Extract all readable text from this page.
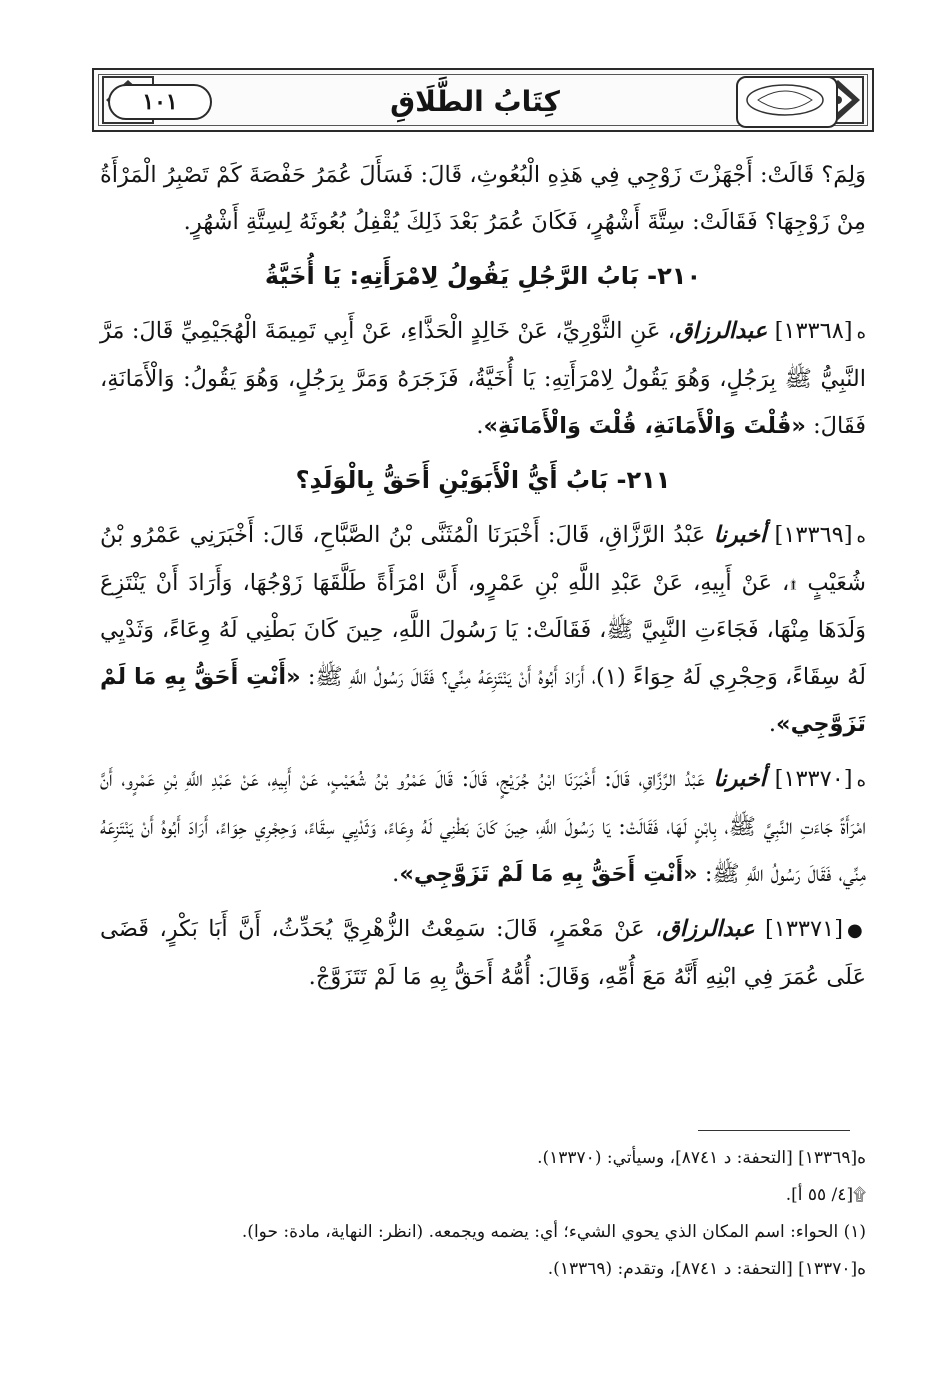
١٠١	كِتَابُ الطَّلَاقِ

وَلِمَ؟ قَالَتْ: أَجْهَزْتَ زَوْجِي فِي هَذِهِ الْبُعُوثِ، قَالَ: فَسَأَلَ عُمَرُ حَفْصَةَ كَمْ تَصْبِرُ الْمَرْأَةُ مِنْ زَوْجِهَا؟ فَقَالَتْ: سِتَّةَ أَشْهُرٍ، فَكَانَ عُمَرُ بَعْدَ ذَلِكَ يُقْفِلُ بُعُوثَهُ لِسِتَّةِ أَشْهُرٍ.

٢١٠- بَابُ الرَّجُلِ يَقُولُ لِامْرَأَتِهِ: يَا أُخَيَّةُ

ە[١٣٣٦٨] عبدالرزاق، عَنِ الثَّوْرِيِّ، عَنْ خَالِدٍ الْحَذَّاءِ، عَنْ أَبِي تَمِيمَةَ الْهُجَيْمِيِّ قَالَ: مَرَّ النَّبِيُّ ﷺ بِرَجُلٍ، وَهُوَ يَقُولُ لِامْرَأَتِهِ: يَا أُخَيَّةُ، فَزَجَرَهُ وَمَرَّ بِرَجُلٍ، وَهُوَ يَقُولُ: وَالْأَمَانَةِ، فَقَالَ: «قُلْتَ وَالْأَمَانَةِ، قُلْتَ وَالْأَمَانَةِ».

٢١١- بَابُ أَيُّ الْأَبَوَيْنِ أَحَقُّ بِالْوَلَدِ؟

ە[١٣٣٦٩] أخبرنا عَبْدُ الرَّزَّاقِ، قَالَ: أَخْبَرَنَا الْمُثَنَّى بْنُ الصَّبَّاحِ، قَالَ: أَخْبَرَنِي عَمْرُو بْنُ شُعَيْبٍ ۩، عَنْ أَبِيهِ، عَنْ عَبْدِ اللَّهِ بْنِ عَمْرٍو، أَنَّ امْرَأَةً طَلَّقَهَا زَوْجُهَا، وَأَرَادَ أَنْ يَنْتَزِعَ وَلَدَهَا مِنْهَا، فَجَاءَتِ النَّبِيَّ ﷺ، فَقَالَتْ: يَا رَسُولَ اللَّهِ، حِينَ كَانَ بَطْنِي لَهُ وِعَاءً، وَثَدْيِي لَهُ سِقَاءً، وَحِجْرِي لَهُ حِوَاءً (١)، أَرَادَ أَبُوهُ أَنْ يَنْتَزِعَهُ مِنِّي؟ فَقَالَ رَسُولُ اللَّهِ ﷺ: «أَنْتِ أَحَقُّ بِهِ مَا لَمْ تَزَوَّجِي».

ە[١٣٣٧٠] أخبرنا عَبْدُ الرَّزَّاقِ، قَالَ: أَخْبَرَنَا ابْنُ جُرَيْجٍ، قَالَ: قَالَ عَمْرُو بْنُ شُعَيْبٍ، عَنْ أَبِيهِ، عَنْ عَبْدِ اللَّهِ بْنِ عَمْرٍو، أَنَّ امْرَأَةً جَاءَتِ النَّبِيَّ ﷺ، بِابْنٍ لَهَا، فَقَالَتْ: يَا رَسُولَ اللَّهِ، حِينَ كَانَ بَطْنِي لَهُ وِعَاءً، وَثَدْيِي سِقَاءً، وَحِجْرِي حِوَاءً، أَرَادَ أَبُوهُ أَنْ يَنْتَزِعَهُ مِنِّي، فَقَالَ رَسُولُ اللَّهِ ﷺ: «أَنْتِ أَحَقُّ بِهِ مَا لَمْ تَزَوَّجِي».

●[١٣٣٧١] عبدالرزاق، عَنْ مَعْمَرٍ، قَالَ: سَمِعْتُ الزُّهْرِيَّ يُحَدِّثُ، أَنَّ أَبَا بَكْرٍ، قَضَى عَلَى عُمَرَ فِي ابْنِهِ أَنَّهُ مَعَ أُمِّهِ، وَقَالَ: أُمُّهُ أَحَقُّ بِهِ مَا لَمْ تَتَزَوَّجْ.

ە[١٣٣٦٩] [التحفة: د ٨٧٤١]، وسيأتي: (١٣٣٧٠).
۩[٤/ ٥٥ أ].
(١) الحواء: اسم المكان الذي يحوي الشيء؛ أي: يضمه ويجمعه. (انظر: النهاية، مادة: حوا).
ە[١٣٣٧٠] [التحفة: د ٨٧٤١]، وتقدم: (١٣٣٦٩).
